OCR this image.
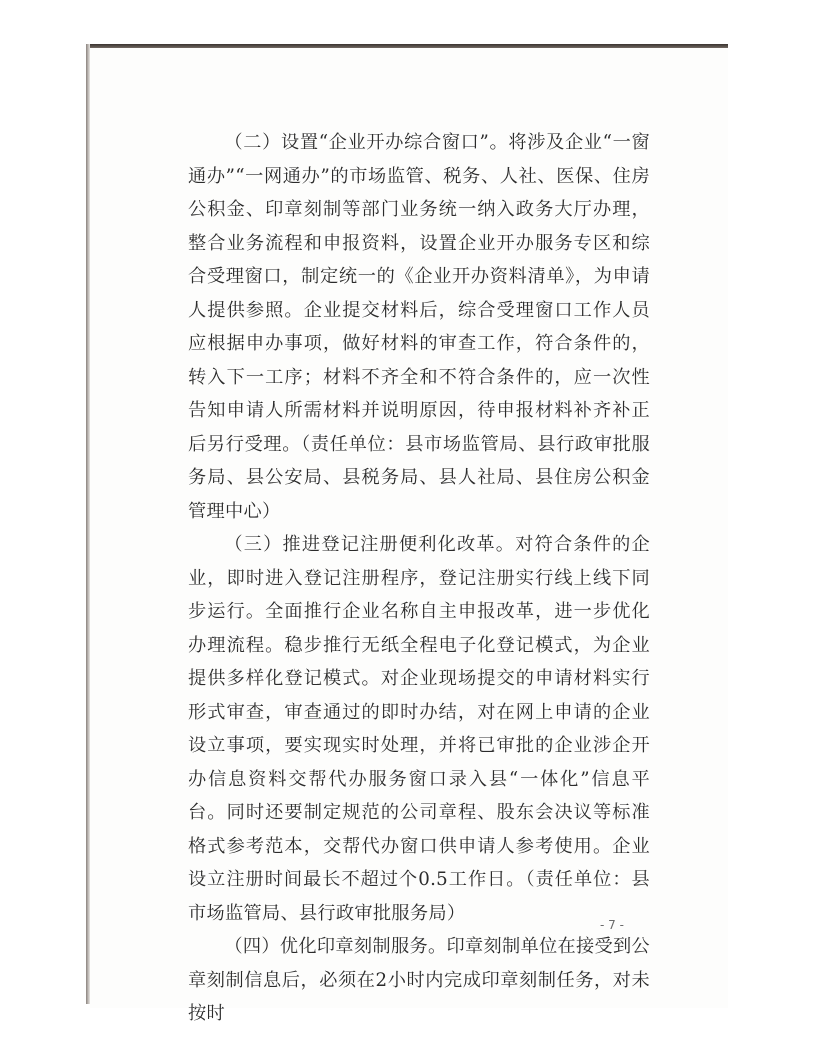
（二）设置“企业开办综合窗口”。将涉及企业“一窗通办”“一网通办”的市场监管、税务、人社、医保、住房公积金、印章刻制等部门业务统一纳入政务大厅办理，整合业务流程和申报资料，设置企业开办服务专区和综合受理窗口，制定统一的《企业开办资料清单》，为申请人提供参照。企业提交材料后，综合受理窗口工作人员应根据申办事项，做好材料的审查工作，符合条件的，转入下一工序；材料不齐全和不符合条件的，应一次性告知申请人所需材料并说明原因，待申报材料补齐补正后另行受理。（责任单位：县市场监管局、县行政审批服务局、县公安局、县税务局、县人社局、县住房公积金管理中心）

（三）推进登记注册便利化改革。对符合条件的企业，即时进入登记注册程序，登记注册实行线上线下同步运行。全面推行企业名称自主申报改革，进一步优化办理流程。稳步推行无纸全程电子化登记模式，为企业提供多样化登记模式。对企业现场提交的申请材料实行形式审查，审查通过的即时办结，对在网上申请的企业设立事项，要实现实时处理，并将已审批的企业涉企开办信息资料交帮代办服务窗口录入县“一体化”信息平台。同时还要制定规范的公司章程、股东会决议等标准格式参考范本，交帮代办窗口供申请人参考使用。企业设立注册时间最长不超过个0.5工作日。（责任单位：县市场监管局、县行政审批服务局）

（四）优化印章刻制服务。印章刻制单位在接受到公章刻制信息后，必须在2小时内完成印章刻制任务，对未按时

- 7 -
